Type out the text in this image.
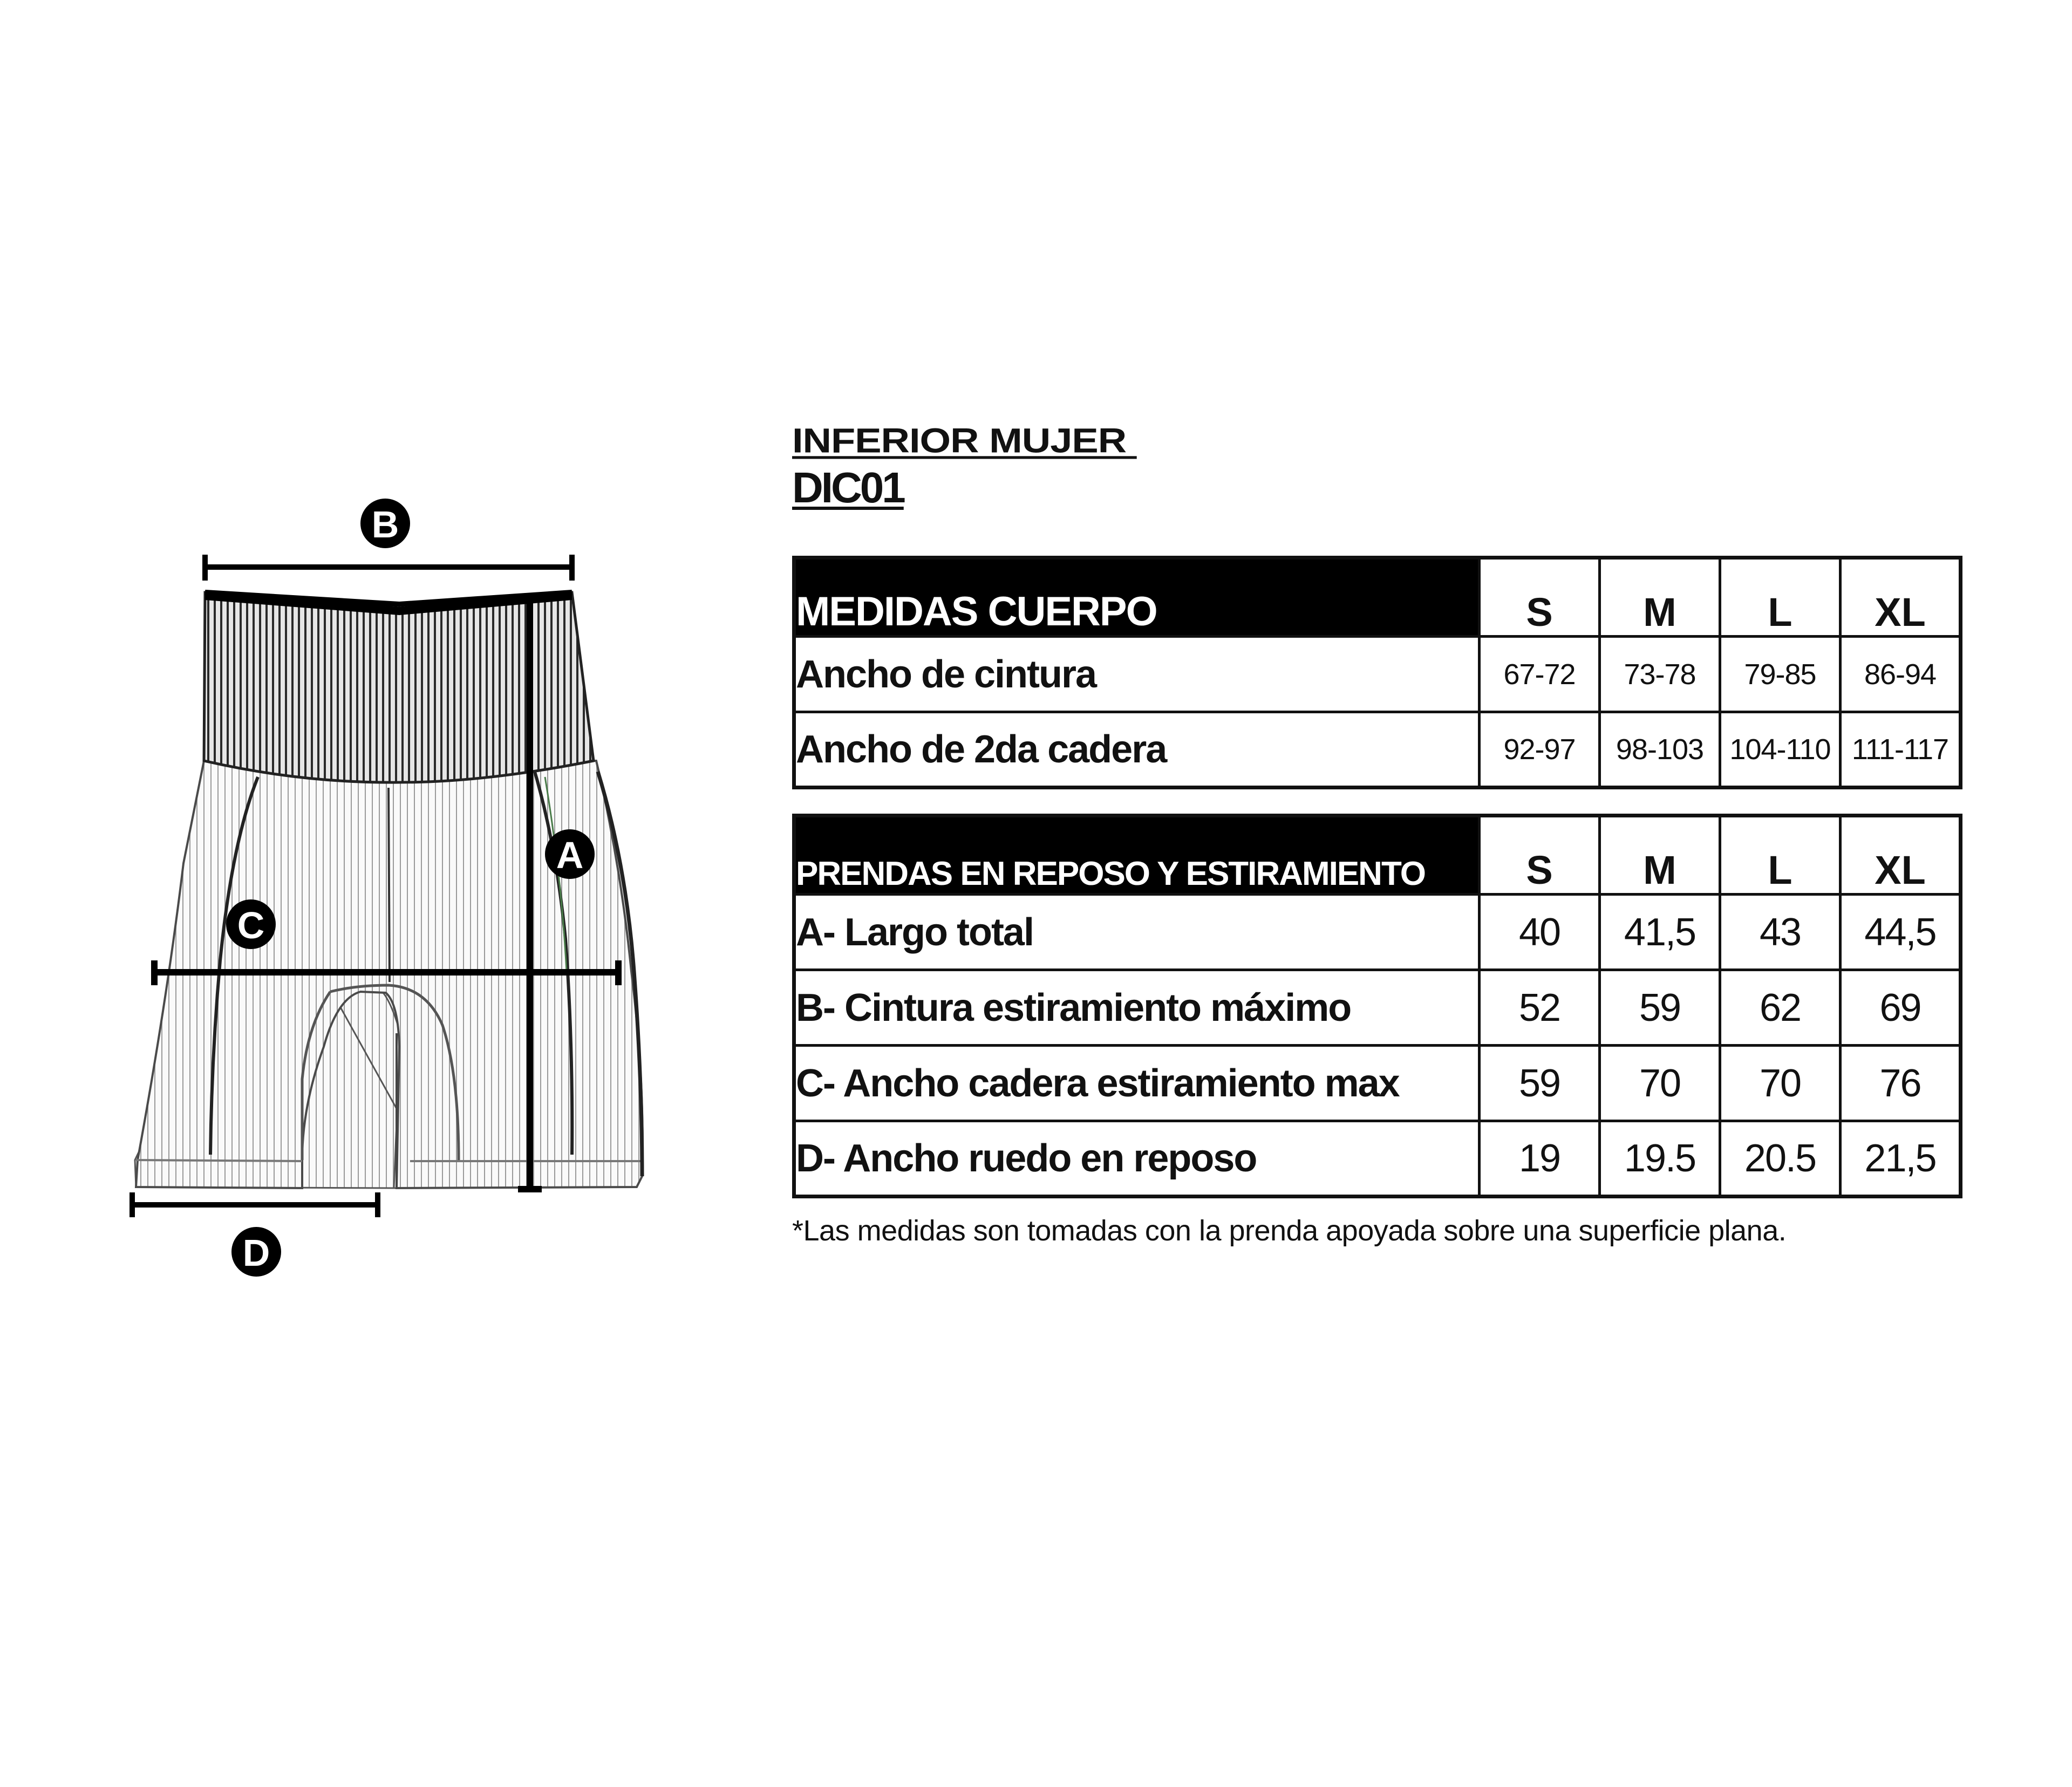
B
A
C
D
INFERIOR MUJER
DIC01
MEDIDAS CUERPO	S	M	L	XL
Ancho de cintura	67-72	73-78	79-85	86-94
Ancho de 2da cadera	92-97	98-103	104-110	111-117
PRENDAS EN REPOSO Y ESTIRAMIENTO	S	M	L	XL
A- Largo total	40	41,5	43	44,5
B- Cintura estiramiento máximo	52	59	62	69
C- Ancho cadera estiramiento max	59	70	70	76
D- Ancho ruedo en reposo	19	19.5	20.5	21,5
*Las medidas son tomadas con la prenda apoyada sobre una superficie plana.
